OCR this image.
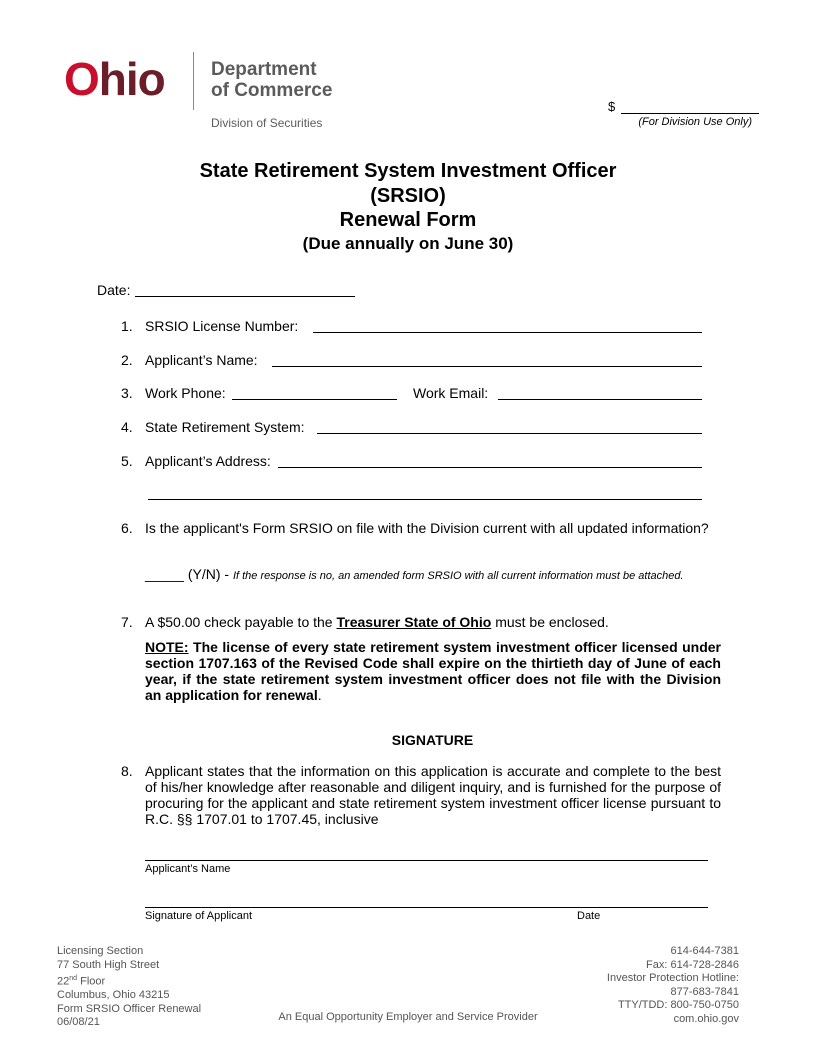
O hio Department
of Commerce
Division of Securities
$
(For Division Use Only)
State Retirement System Investment Officer
(SRSIO)
Renewal Form
(Due annually on June 30)
Date:
1. SRSIO License Number:
2. Applicant’s Name:
3. Work Phone:	Work Email:
4. State Retirement System:
5. Applicant’s Address:
6. Is the applicant's Form SRSIO on file with the Division current with all updated information?
_____ (Y/N) - If the response is no, an amended form SRSIO with all current information must be attached.
7. A $50.00 check payable to the Treasurer State of Ohio must be enclosed.
NOTE: The license of every state retirement system investment officer licensed under section 1707.163 of the Revised Code shall expire on the thirtieth day of June of each year, if the state retirement system investment officer does not file with the Division an application for renewal.
SIGNATURE
8. Applicant states that the information on this application is accurate and complete to the best of his/her knowledge after reasonable and diligent inquiry, and is furnished for the purpose of procuring for the applicant and state retirement system investment officer license pursuant to R.C. §§ 1707.01 to 1707.45, inclusive
Applicant’s Name
Signature of Applicant	Date
Licensing Section
77 South High Street
22nd Floor
Columbus, Ohio 43215
Form SRSIO Officer Renewal
06/08/21	An Equal Opportunity Employer and Service Provider
614-644-7381
Fax: 614-728-2846
Investor Protection Hotline:
877-683-7841
TTY/TDD: 800-750-0750
com.ohio.gov
